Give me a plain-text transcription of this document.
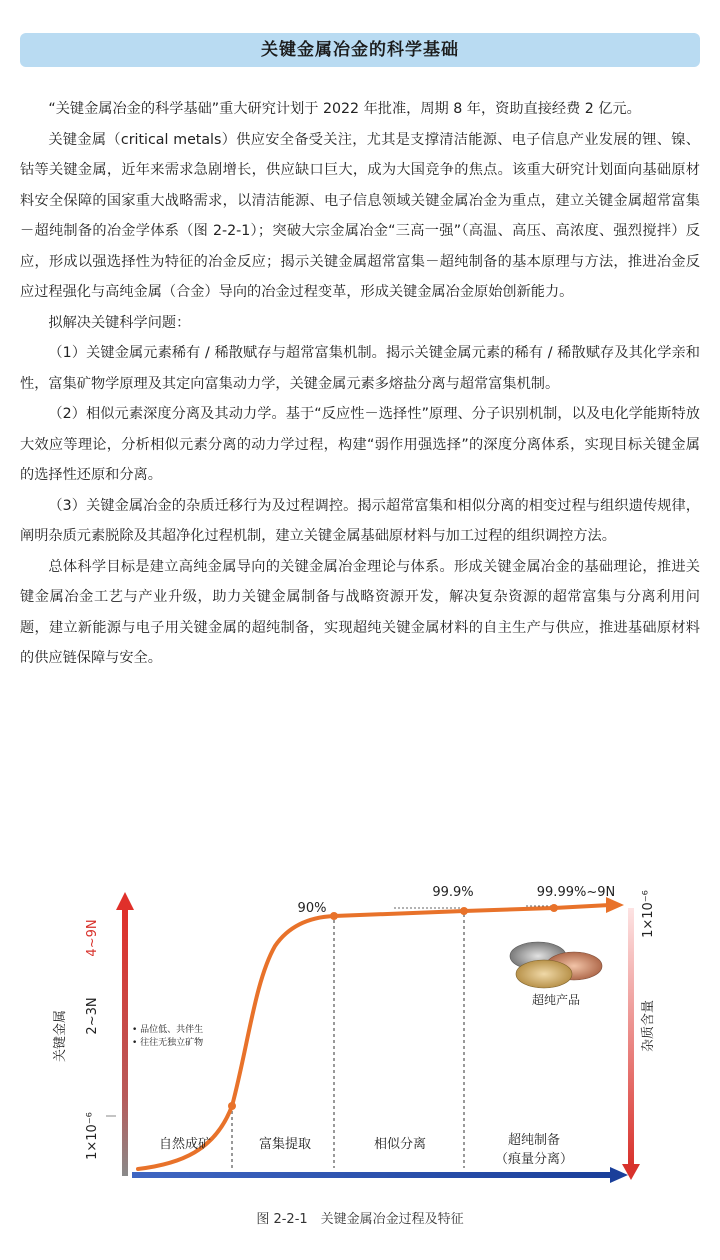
关键金属冶金的科学基础

“关键金属冶金的科学基础”重大研究计划于 2022 年批准，周期 8 年，资助直接经费 2 亿元。

关键金属（critical metals）供应安全备受关注，尤其是支撑清洁能源、电子信息产业发展的锂、镍、钴等关键金属，近年来需求急剧增长，供应缺口巨大，成为大国竞争的焦点。该重大研究计划面向基础原材料安全保障的国家重大战略需求，以清洁能源、电子信息领域关键金属冶金为重点，建立关键金属超常富集－超纯制备的冶金学体系（图 2-2-1）；突破大宗金属冶金“三高一强”（高温、高压、高浓度、强烈搅拌）反应，形成以强选择性为特征的冶金反应；揭示关键金属超常富集－超纯制备的基本原理与方法，推进冶金反应过程强化与高纯金属（合金）导向的冶金过程变革，形成关键金属冶金原始创新能力。

拟解决关键科学问题：

（1）关键金属元素稀有 / 稀散赋存与超常富集机制。揭示关键金属元素的稀有 / 稀散赋存及其化学亲和性，富集矿物学原理及其定向富集动力学，关键金属元素多熔盐分离与超常富集机制。

（2）相似元素深度分离及其动力学。基于“反应性－选择性”原理、分子识别机制，以及电化学能斯特放大效应等理论，分析相似元素分离的动力学过程，构建“弱作用强选择”的深度分离体系，实现目标关键金属的选择性还原和分离。

（3）关键金属冶金的杂质迁移行为及过程调控。揭示超常富集和相似分离的相变过程与组织遗传规律，阐明杂质元素脱除及其超净化过程机制，建立关键金属基础原材料与加工过程的组织调控方法。

总体科学目标是建立高纯金属导向的关键金属冶金理论与体系。形成关键金属冶金的基础理论，推进关键金属冶金工艺与产业升级，助力关键金属制备与战略资源开发，解决复杂资源的超常富集与分离利用问题，建立新能源与电子用关键金属的超纯制备，实现超纯关键金属材料的自主生产与供应，推进基础原材料的供应链保障与安全。

关键金属
4~9N
2~3N
1×10⁻⁶
杂质含量
1×10⁻⁶
90%
99.9%	99.99%~9N
• 品位低、共伴生
• 往往无独立矿物
超纯产品
自然成矿	富集提取	相似分离	超纯制备
（痕量分离）
图 2-2-1　关键金属冶金过程及特征
